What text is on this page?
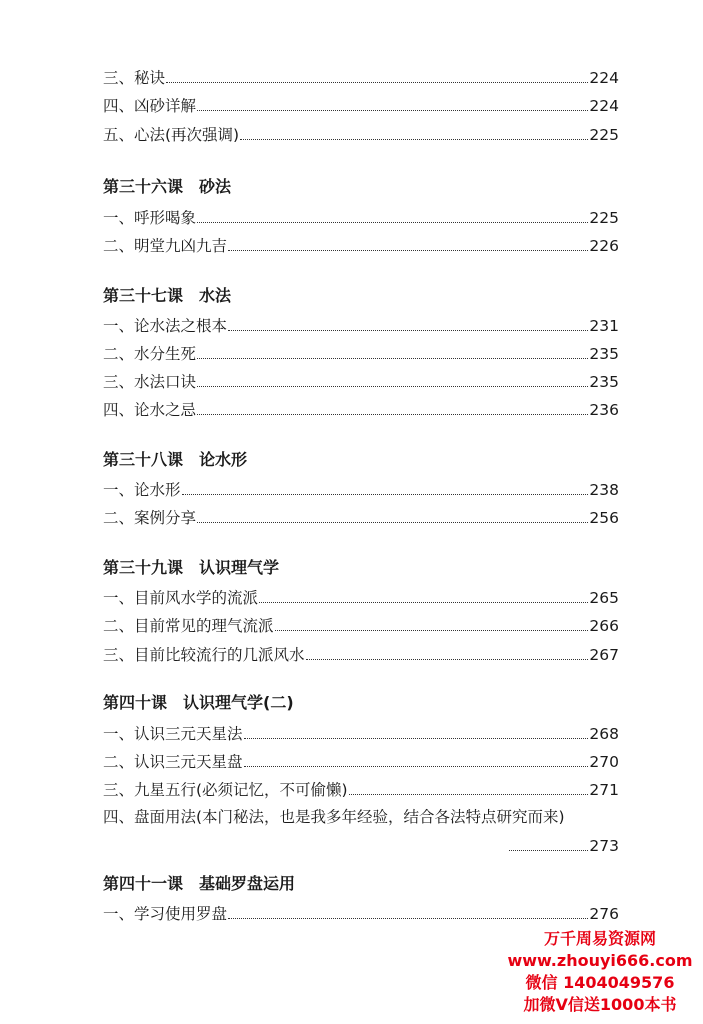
三、秘诀	224
四、凶砂详解	224
五、心法(再次强调)	225
第三十六课　砂法
一、呼形喝象	225
二、明堂九凶九吉	226
第三十七课　水法
一、论水法之根本	231
二、水分生死	235
三、水法口诀	235
四、论水之忌	236
第三十八课　论水形
一、论水形	238
二、案例分享	256
第三十九课　认识理气学
一、目前风水学的流派	265
二、目前常见的理气流派	266
三、目前比较流行的几派风水	267
第四十课　认识理气学(二)
一、认识三元天星法	268
二、认识三元天星盘	270
三、九星五行(必须记忆，不可偷懒)	271
四、盘面用法(本门秘法，也是我多年经验，结合各法特点研究而来)
273
第四十一课　基础罗盘运用
一、学习使用罗盘	276
万千周易资源网
www.zhouyi666.com
微信 1404049576
加微V信送1000本书
